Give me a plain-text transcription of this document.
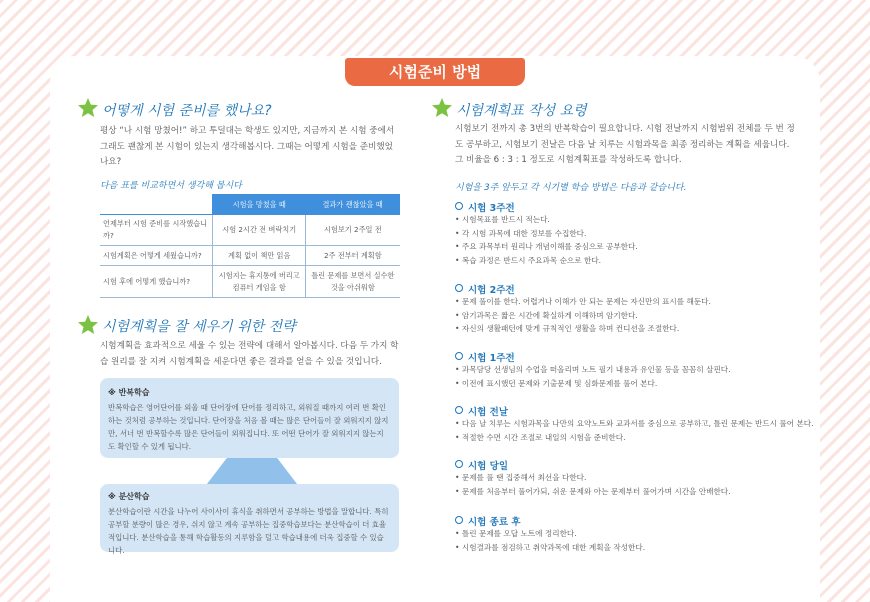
시험준비 방법
어떻게 시험 준비를 했나요?
평상 “나 시험 망쳤어!” 하고 투덜대는 학생도 있지만, 지금까지 본 시험 중에서 그래도 괜찮게 본 시험이 있는지 생각해봅시다. 그때는 어떻게 시험을 준비했었나요?
다음 표를 비교하면서 생각해 봅시다
	시험을 망쳤을 때	결과가 괜찮았을 때
언제부터 시험 준비를 시작했습니까?	시험 2시간 전 벼락치기	시험보기 2주일 전
시험계획은 어떻게 세웠습니까?	계획 없이 책만 읽음	2주 전부터 계획함
시험 후에 어떻게 했습니까?	시험지는 휴지통에 버리고 컴퓨터 게임을 함	틀린 문제를 보면서 실수한 것을 아쉬워함
시험계획을 잘 세우기 위한 전략
시험계획을 효과적으로 세울 수 있는 전략에 대해서 알아봅시다. 다음 두 가지 학습 원리를 잘 지켜 시험계획을 세운다면 좋은 결과를 얻을 수 있을 것입니다.
※ 반복학습
반복학습은 영어단어를 외울 때 단어장에 단어를 정리하고, 외워질 때까지 여러 번 확인하는 것처럼 공부하는 것입니다. 단어장을 처음 볼 때는 많은 단어들이 잘 외워지지 않지만, 서너 번 반복할수록 많은 단어들이 외워집니다. 또 어떤 단어가 잘 외워지지 않는지도 확인할 수 있게 됩니다.
※ 분산학습
분산학습이란 시간을 나누어 사이사이 휴식을 취하면서 공부하는 방법을 말합니다. 특히 공부할 분량이 많은 경우, 쉬지 않고 계속 공부하는 집중학습보다는 분산학습이 더 효율적입니다. 분산학습을 통해 학습활동의 지루함을 덜고 학습내용에 더욱 집중할 수 있습니다.
시험계획표 작성 요령
시험보기 전까지 총 3번의 반복학습이 필요합니다. 시험 전날까지 시험범위 전체를 두 번 정도 공부하고, 시험보기 전날은 다음 날 치루는 시험과목을 최종 정리하는 계획을 세웁니다. 그 비율을 6 : 3 : 1 정도로 시험계획표를 작성하도록 합니다.
시험을 3주 앞두고 각 시기별 학습 방법은 다음과 같습니다.
시험 3주전
• 시험목표를 반드시 적는다.
• 각 시험 과목에 대한 정보를 수집한다.
• 주요 과목부터 원리나 개념이해를 중심으로 공부한다.
• 복습 과정은 반드시 주요과목 순으로 한다.
시험 2주전
• 문제 풀이를 한다. 어렵거나 이해가 안 되는 문제는 자신만의 표시를 해둔다.
• 암기과목은 짧은 시간에 확실하게 이해하며 암기한다.
• 자신의 생활패턴에 맞게 규칙적인 생활을 하며 컨디션을 조절한다.
시험 1주전
• 과목담당 선생님의 수업을 떠올리며 노트 필기 내용과 유인물 등을 꼼꼼히 살핀다.
• 이전에 표시했던 문제와 기출문제 및 심화문제를 풀어 본다.
시험 전날
• 다음 날 치루는 시험과목을 나만의 요약노트와 교과서를 중심으로 공부하고, 틀린 문제는 반드시 풀어 본다.
• 적절한 수면 시간 조절로 내일의 시험을 준비한다.
시험 당일
• 문제를 풀 땐 집중해서 최선을 다한다.
• 문제를 처음부터 풀어가되, 쉬운 문제와 아는 문제부터 풀어가며 시간을 안배한다.
시험 종료 후
• 틀린 문제를 오답 노트에 정리한다.
• 시험결과를 점검하고 취약과목에 대한 계획을 작성한다.
